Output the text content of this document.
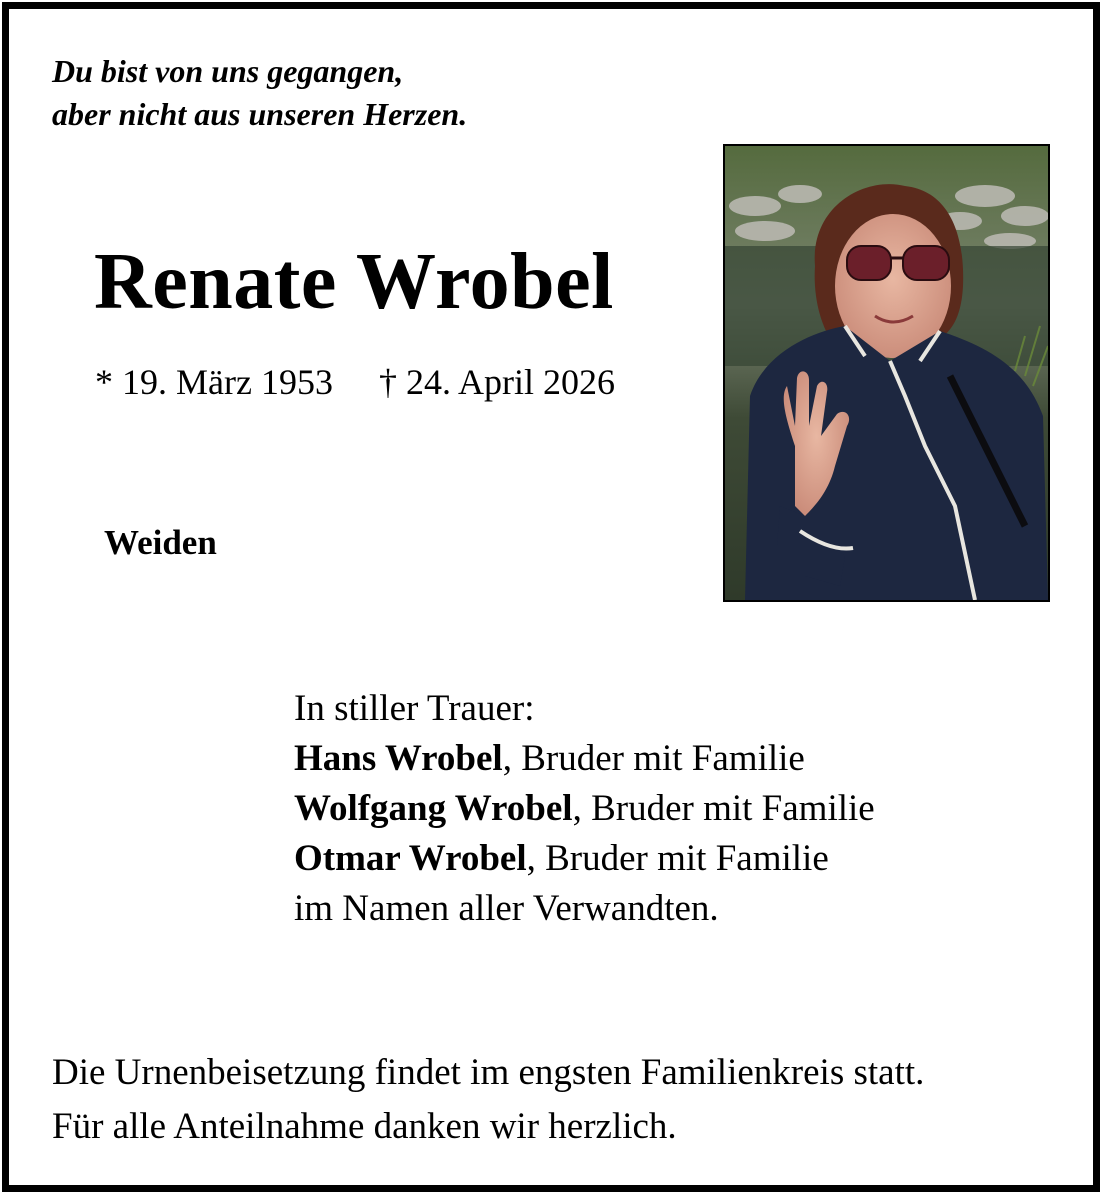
Du bist von uns gegangen,
aber nicht aus unseren Herzen.
Renate Wrobel
* 19. März 1953 † 24. April 2026
Weiden
In stiller Trauer:
Hans Wrobel, Bruder mit Familie
Wolfgang Wrobel, Bruder mit Familie
Otmar Wrobel, Bruder mit Familie
im Namen aller Verwandten.
Die Urnenbeisetzung findet im engsten Familienkreis statt.
Für alle Anteilnahme danken wir herzlich.
